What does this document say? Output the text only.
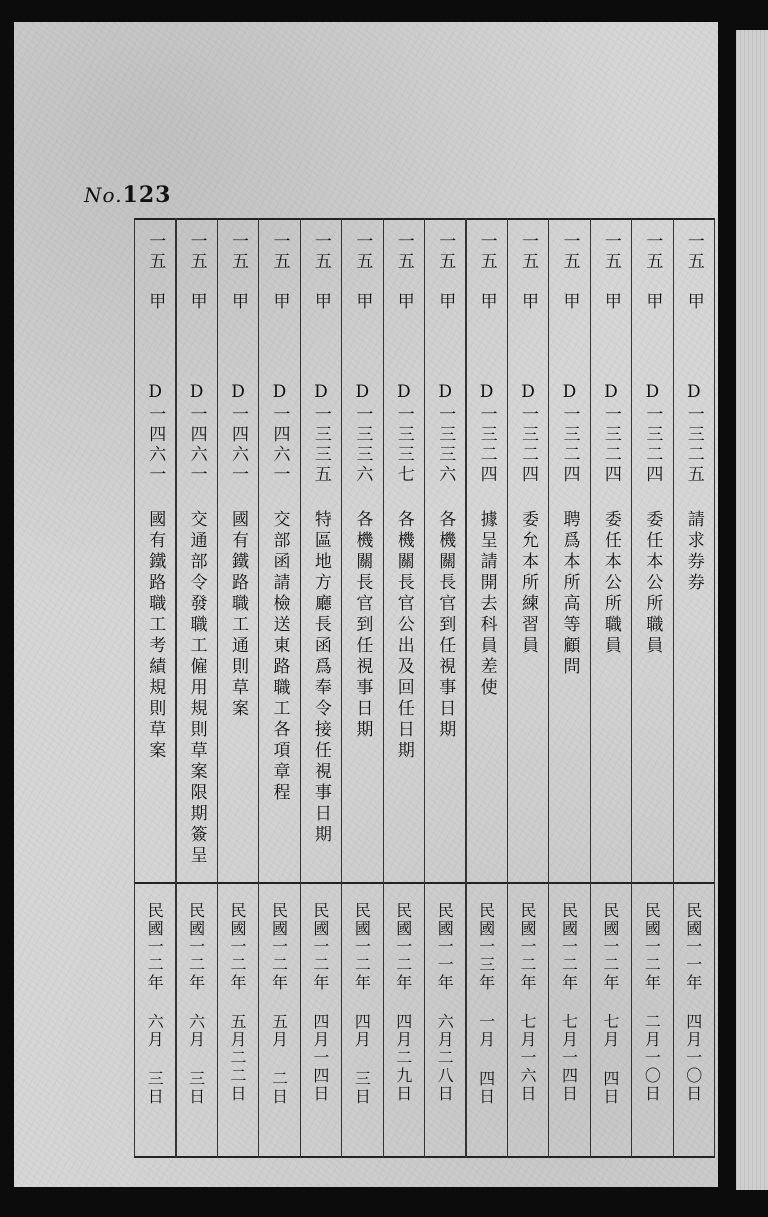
No.123
一五
甲
D一三二五
請求券券
民國一一年 四月一〇日
一五
甲
D一三二四
委任本公所職員
民國一二年 二月一〇日
一五
甲
D一三二四
委任本公所職員
民國一二年 七月 四日
一五
甲
D一三二四
聘爲本所高等顧問
民國一二年 七月一四日
一五
甲
D一三二四
委允本所練習員
民國一二年 七月一六日
一五
甲
D一三二四
據呈請開去科員差使
民國一三年 一月 四日
一五
甲
D一三三六
各機關長官到任視事日期
民國一一年 六月二八日
一五
甲
D一三三七
各機關長官公出及回任日期
民國一二年 四月二九日
一五
甲
D一三三六
各機關長官到任視事日期
民國一二年 四月 三日
一五
甲
D一三三五
特區地方廳長函爲奉令接任視事日期
民國一二年 四月一四日
一五
甲
D一四六一
交部函請檢送東路職工各項章程
民國一二年 五月 二日
一五
甲
D一四六一
國有鐵路職工通則草案
民國一二年 五月二二日
一五
甲
D一四六一
交通部令發職工僱用規則草案限期簽呈
民國一二年 六月 三日
一五
甲
D一四六一
國有鐵路職工考績規則草案
民國一二年 六月 三日
